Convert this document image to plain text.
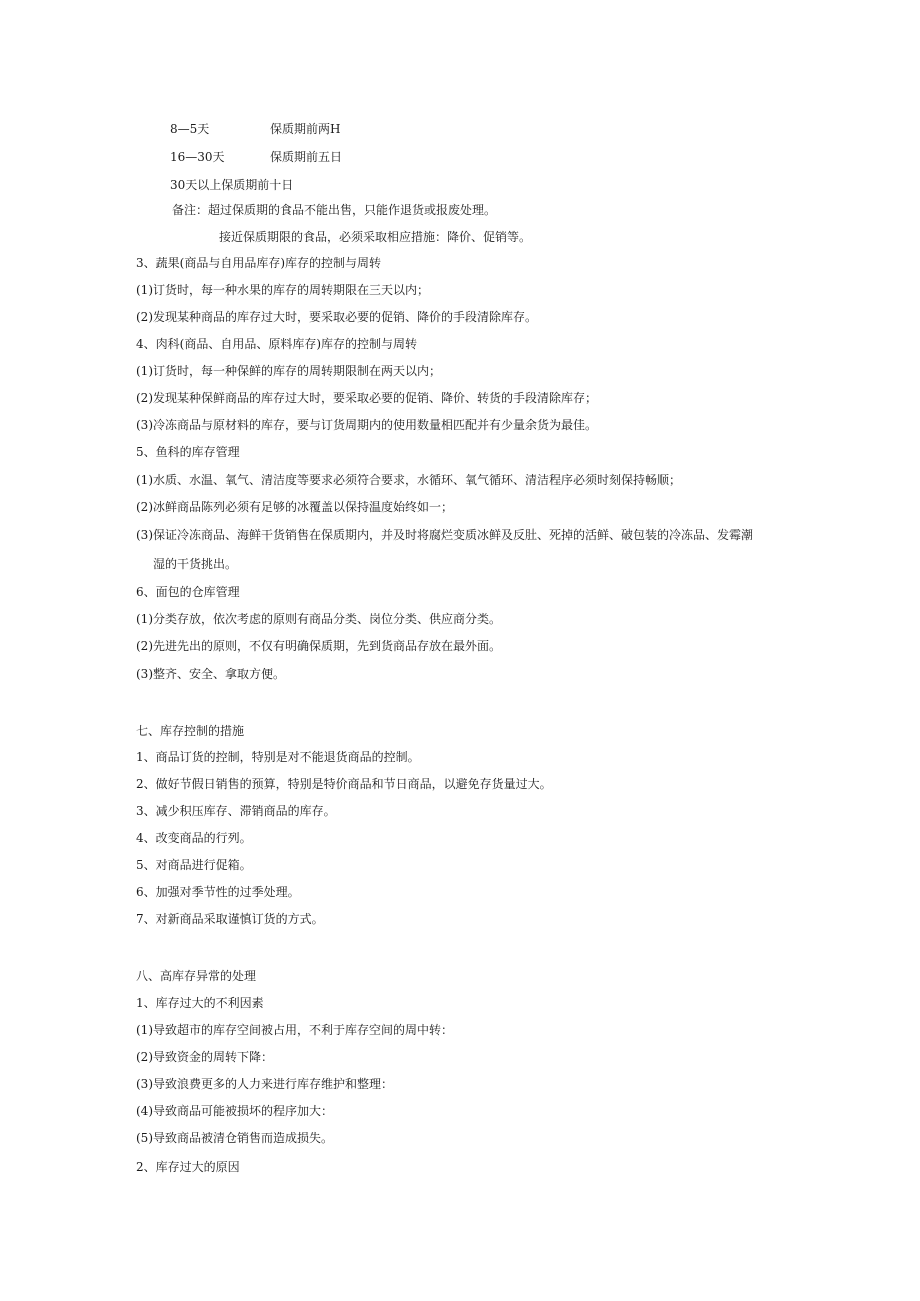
8—5天	保质期前两H
16—30天	保质期前五日
30天以上保质期前十日
备注：超过保质期的食品不能出售，只能作退货或报废处理。
接近保质期限的食品，必须采取相应措施：降价、促销等。
3、蔬果(商品与自用品库存)库存的控制与周转
(1)订货时，每一种水果的库存的周转期限在三天以内；
(2)发现某种商品的库存过大时，要采取必要的促销、降价的手段清除库存。
4、肉科(商品、自用品、原料库存)库存的控制与周转
(1)订货时，每一种保鲜的库存的周转期限制在两天以内；
(2)发现某种保鲜商品的库存过大时，要采取必要的促销、降价、转货的手段清除库存；
(3)冷冻商品与原材料的库存，要与订货周期内的使用数量相匹配并有少量余货为最佳。
5、鱼科的库存管理
(1)水质、水温、氧气、清洁度等要求必须符合要求，水循环、氧气循环、清洁程序必须时刻保持畅顺；
(2)冰鲜商品陈列必须有足够的冰覆盖以保持温度始终如一；
(3)保证冷冻商品、海鲜干货销售在保质期内，并及时将腐烂变质冰鲜及反肚、死掉的活鲜、破包装的冷冻品、发霉潮
湿的干货挑出。
6、面包的仓库管理
(1)分类存放，依次考虑的原则有商品分类、岗位分类、供应商分类。
(2)先进先出的原则，不仅有明确保质期，先到货商品存放在最外面。
(3)整齐、安全、拿取方便。
七、库存控制的措施
1、商品订货的控制，特别是对不能退货商品的控制。
2、做好节假日销售的预算，特别是特价商品和节日商品，以避免存货量过大。
3、减少积压库存、滞销商品的库存。
4、改变商品的行列。
5、对商品进行促箱。
6、加强对季节性的过季处理。
7、对新商品采取谨慎订货的方式。
八、高库存异常的处理
1、库存过大的不利因素
(1)导致超市的库存空间被占用，不利于库存空间的周中转：
(2)导致资金的周转下降：
(3)导致浪费更多的人力来进行库存维护和整理：
(4)导致商品可能被损坏的程序加大：
(5)导致商品被清仓销售而造成损失。
2、库存过大的原因
